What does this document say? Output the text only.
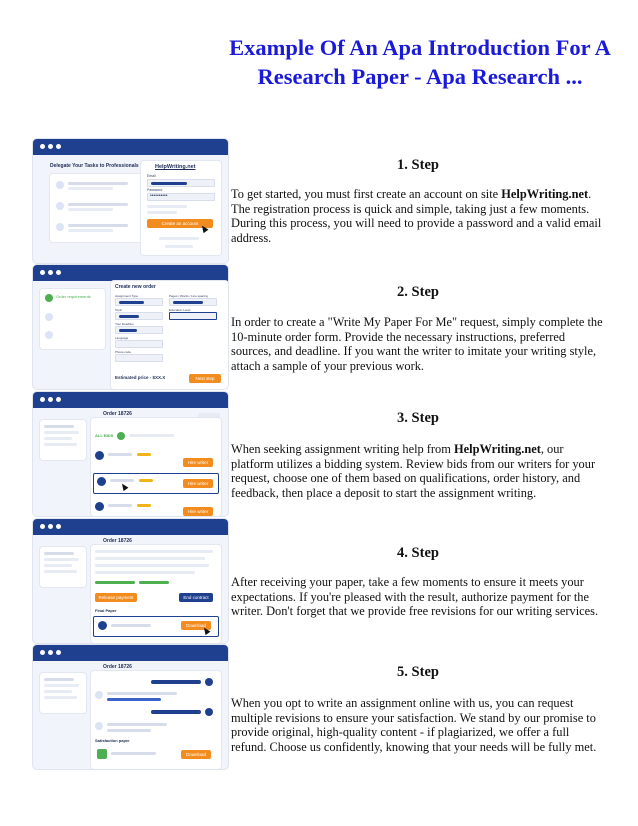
Example Of An Apa Introduction For A Research Paper - Apa Research ...
Delegate Your Tasks to Professionals	HelpWriting.net
Email
Password
••••••••••
Create an account
Order requirements
Create new order
Assignment Type	Pages / Words / Line spacing
Topic	Education Level
Your Deadline
Language
Phone code
Estimated price - $XX.X	Next step
Order 18726
ALL BIDS
Hire writer
Hire writer
Hire writer
Order 18726
Release payment	End contract
Final Paper
Download
Order 18726
Satisfaction paper
Download
1. Step
To get started, you must first create an account on site HelpWriting.net. The registration process is quick and simple, taking just a few moments. During this process, you will need to provide a password and a valid email address.
2. Step
In order to create a "Write My Paper For Me" request, simply complete the 10-minute order form. Provide the necessary instructions, preferred sources, and deadline. If you want the writer to imitate your writing style, attach a sample of your previous work.
3. Step
When seeking assignment writing help from HelpWriting.net, our platform utilizes a bidding system. Review bids from our writers for your request, choose one of them based on qualifications, order history, and feedback, then place a deposit to start the assignment writing.
4. Step
After receiving your paper, take a few moments to ensure it meets your expectations. If you're pleased with the result, authorize payment for the writer. Don't forget that we provide free revisions for our writing services.
5. Step
When you opt to write an assignment online with us, you can request multiple revisions to ensure your satisfaction. We stand by our promise to provide original, high-quality content - if plagiarized, we offer a full refund. Choose us confidently, knowing that your needs will be fully met.
